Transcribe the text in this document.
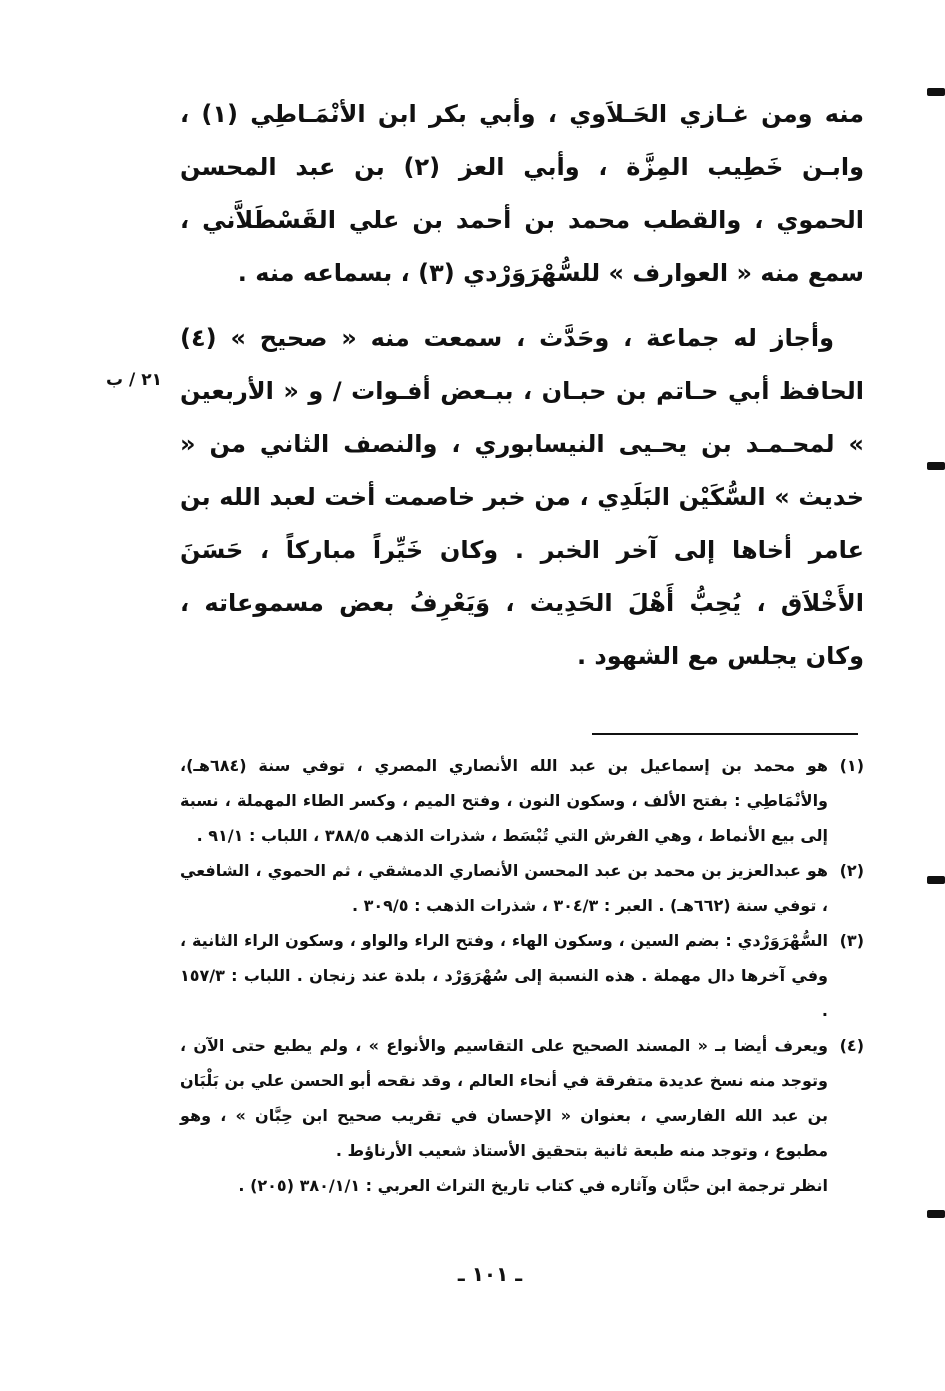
منه ومن غـازي الحَـلاَوي ، وأبي بكر ابن الأنْمَـاطِي (١) ، وابـن خَطِيب المِزَّة ، وأبي العز (٢) بن عبد المحسن الحموي ، والقطب محمد بن أحمد بن علي القَسْطَلاَّني ، سمع منه « العوارف » للسُّهْرَوَرْدي (٣) ، بسماعه منه .

وأجاز له جماعة ، وحَدَّث ، سمعت منه « صحيح » (٤) الحافظ أبي حـاتم بن حبـان ، ببـعض أفـوات / و « الأربعين » لمحـمـد بن يحـيى النيسابوري ، والنصف الثاني من « خديث » السُّكَيْن البَلَدِي ، من خبر خاصمت أخت لعبد الله بن عامر أخاها إلى آخر الخبر . وكان خَيِّراً مباركاً ، حَسَنَ الأَخْلاَق ، يُحِبُّ أَهْلَ الحَدِيث ، وَيَعْرِفُ بعض مسموعاته ، وكان يجلس مع الشهود .

٢١ / ب

(١)
هو محمد بن إسماعيل بن عبد الله الأنصاري المصري ، توفي سنة (٦٨٤هـ)، والأنْمَاطِي : بفتح الألف ، وسكون النون ، وفتح الميم ، وكسر الطاء المهملة ، نسبة إلى بيع الأنماط ، وهي الفرش التي تُبْسَط ، شذرات الذهب ٣٨٨/٥ ، اللباب : ٩١/١ .

(٢)
هو عبدالعزيز بن محمد بن عبد المحسن الأنصاري الدمشقي ، ثم الحموي ، الشافعي ، توفي سنة (٦٦٢هـ) . العبر : ٣٠٤/٣ ، شذرات الذهب : ٣٠٩/٥ .

(٣)
السُّهْرَوَرْدي : بضم السين ، وسكون الهاء ، وفتح الراء والواو ، وسكون الراء الثانية ، وفي آخرها دال مهملة . هذه النسبة إلى سُهْرَوَرْد ، بلدة عند زنجان . اللباب : ١٥٧/٣ .

(٤)
ويعرف أيضا بـ « المسند الصحيح على التقاسيم والأنواع » ، ولم يطبع حتى الآن ، وتوجد منه نسخ عديدة متفرقة في أنحاء العالم ، وقد نقحه أبو الحسن علي بن بَلْبَان بن عبد الله الفارسي ، بعنوان « الإحسان في تقريب صحيح ابن حِبَّان » ، وهو مطبوع ، وتوجد منه طبعة ثانية بتحقيق الأستاذ شعيب الأرناؤط .

انظر ترجمة ابن حبَّان وآثاره في كتاب تاريخ التراث العربي : ٣٨٠/١/١ (٢٠٥) .

ـ ١٠١ ـ
